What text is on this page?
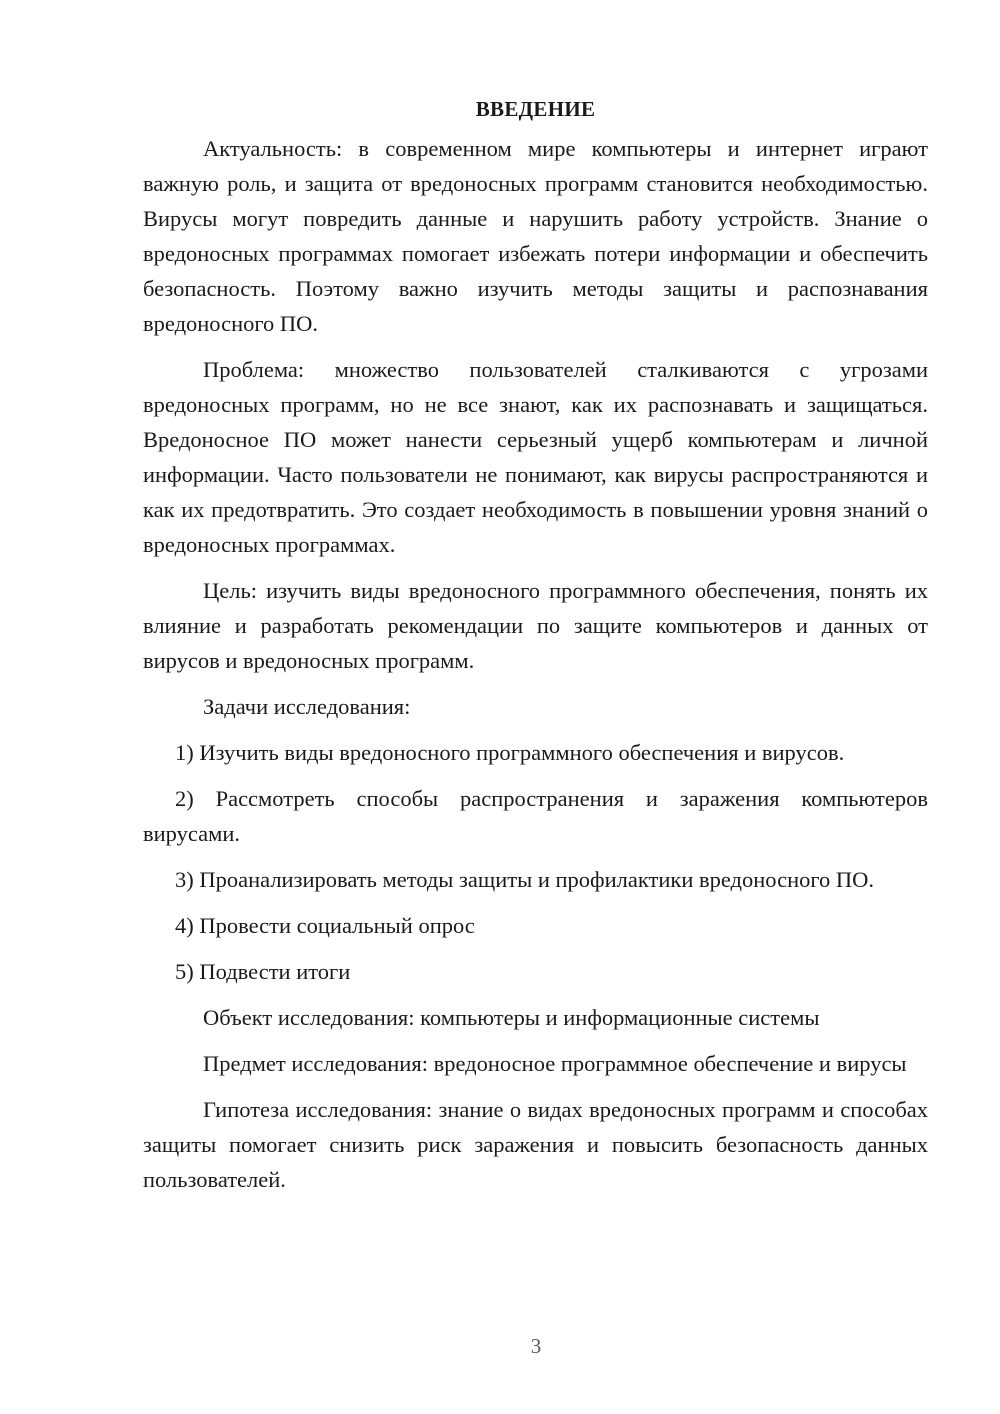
ВВЕДЕНИЕ
Актуальность: в современном мире компьютеры и интернет играют важную роль, и защита от вредоносных программ становится необходимостью. Вирусы могут повредить данные и нарушить работу устройств. Знание о вредоносных программах помогает избежать потери информации и обеспечить безопасность. Поэтому важно изучить методы защиты и распознавания вредоносного ПО.
Проблема: множество пользователей сталкиваются с угрозами вредоносных программ, но не все знают, как их распознавать и защищаться. Вредоносное ПО может нанести серьезный ущерб компьютерам и личной информации. Часто пользователи не понимают, как вирусы распространяются и как их предотвратить. Это создает необходимость в повышении уровня знаний о вредоносных программах.
Цель: изучить виды вредоносного программного обеспечения, понять их влияние и разработать рекомендации по защите компьютеров и данных от вирусов и вредоносных программ.
Задачи исследования:
1) Изучить виды вредоносного программного обеспечения и вирусов.
2) Рассмотреть способы распространения и заражения компьютеров вирусами.
3) Проанализировать методы защиты и профилактики вредоносного ПО.
4) Провести социальный опрос
5) Подвести итоги
Объект исследования: компьютеры и информационные системы
Предмет исследования: вредоносное программное обеспечение и вирусы
Гипотеза исследования: знание о видах вредоносных программ и способах защиты помогает снизить риск заражения и повысить безопасность данных пользователей.
3
